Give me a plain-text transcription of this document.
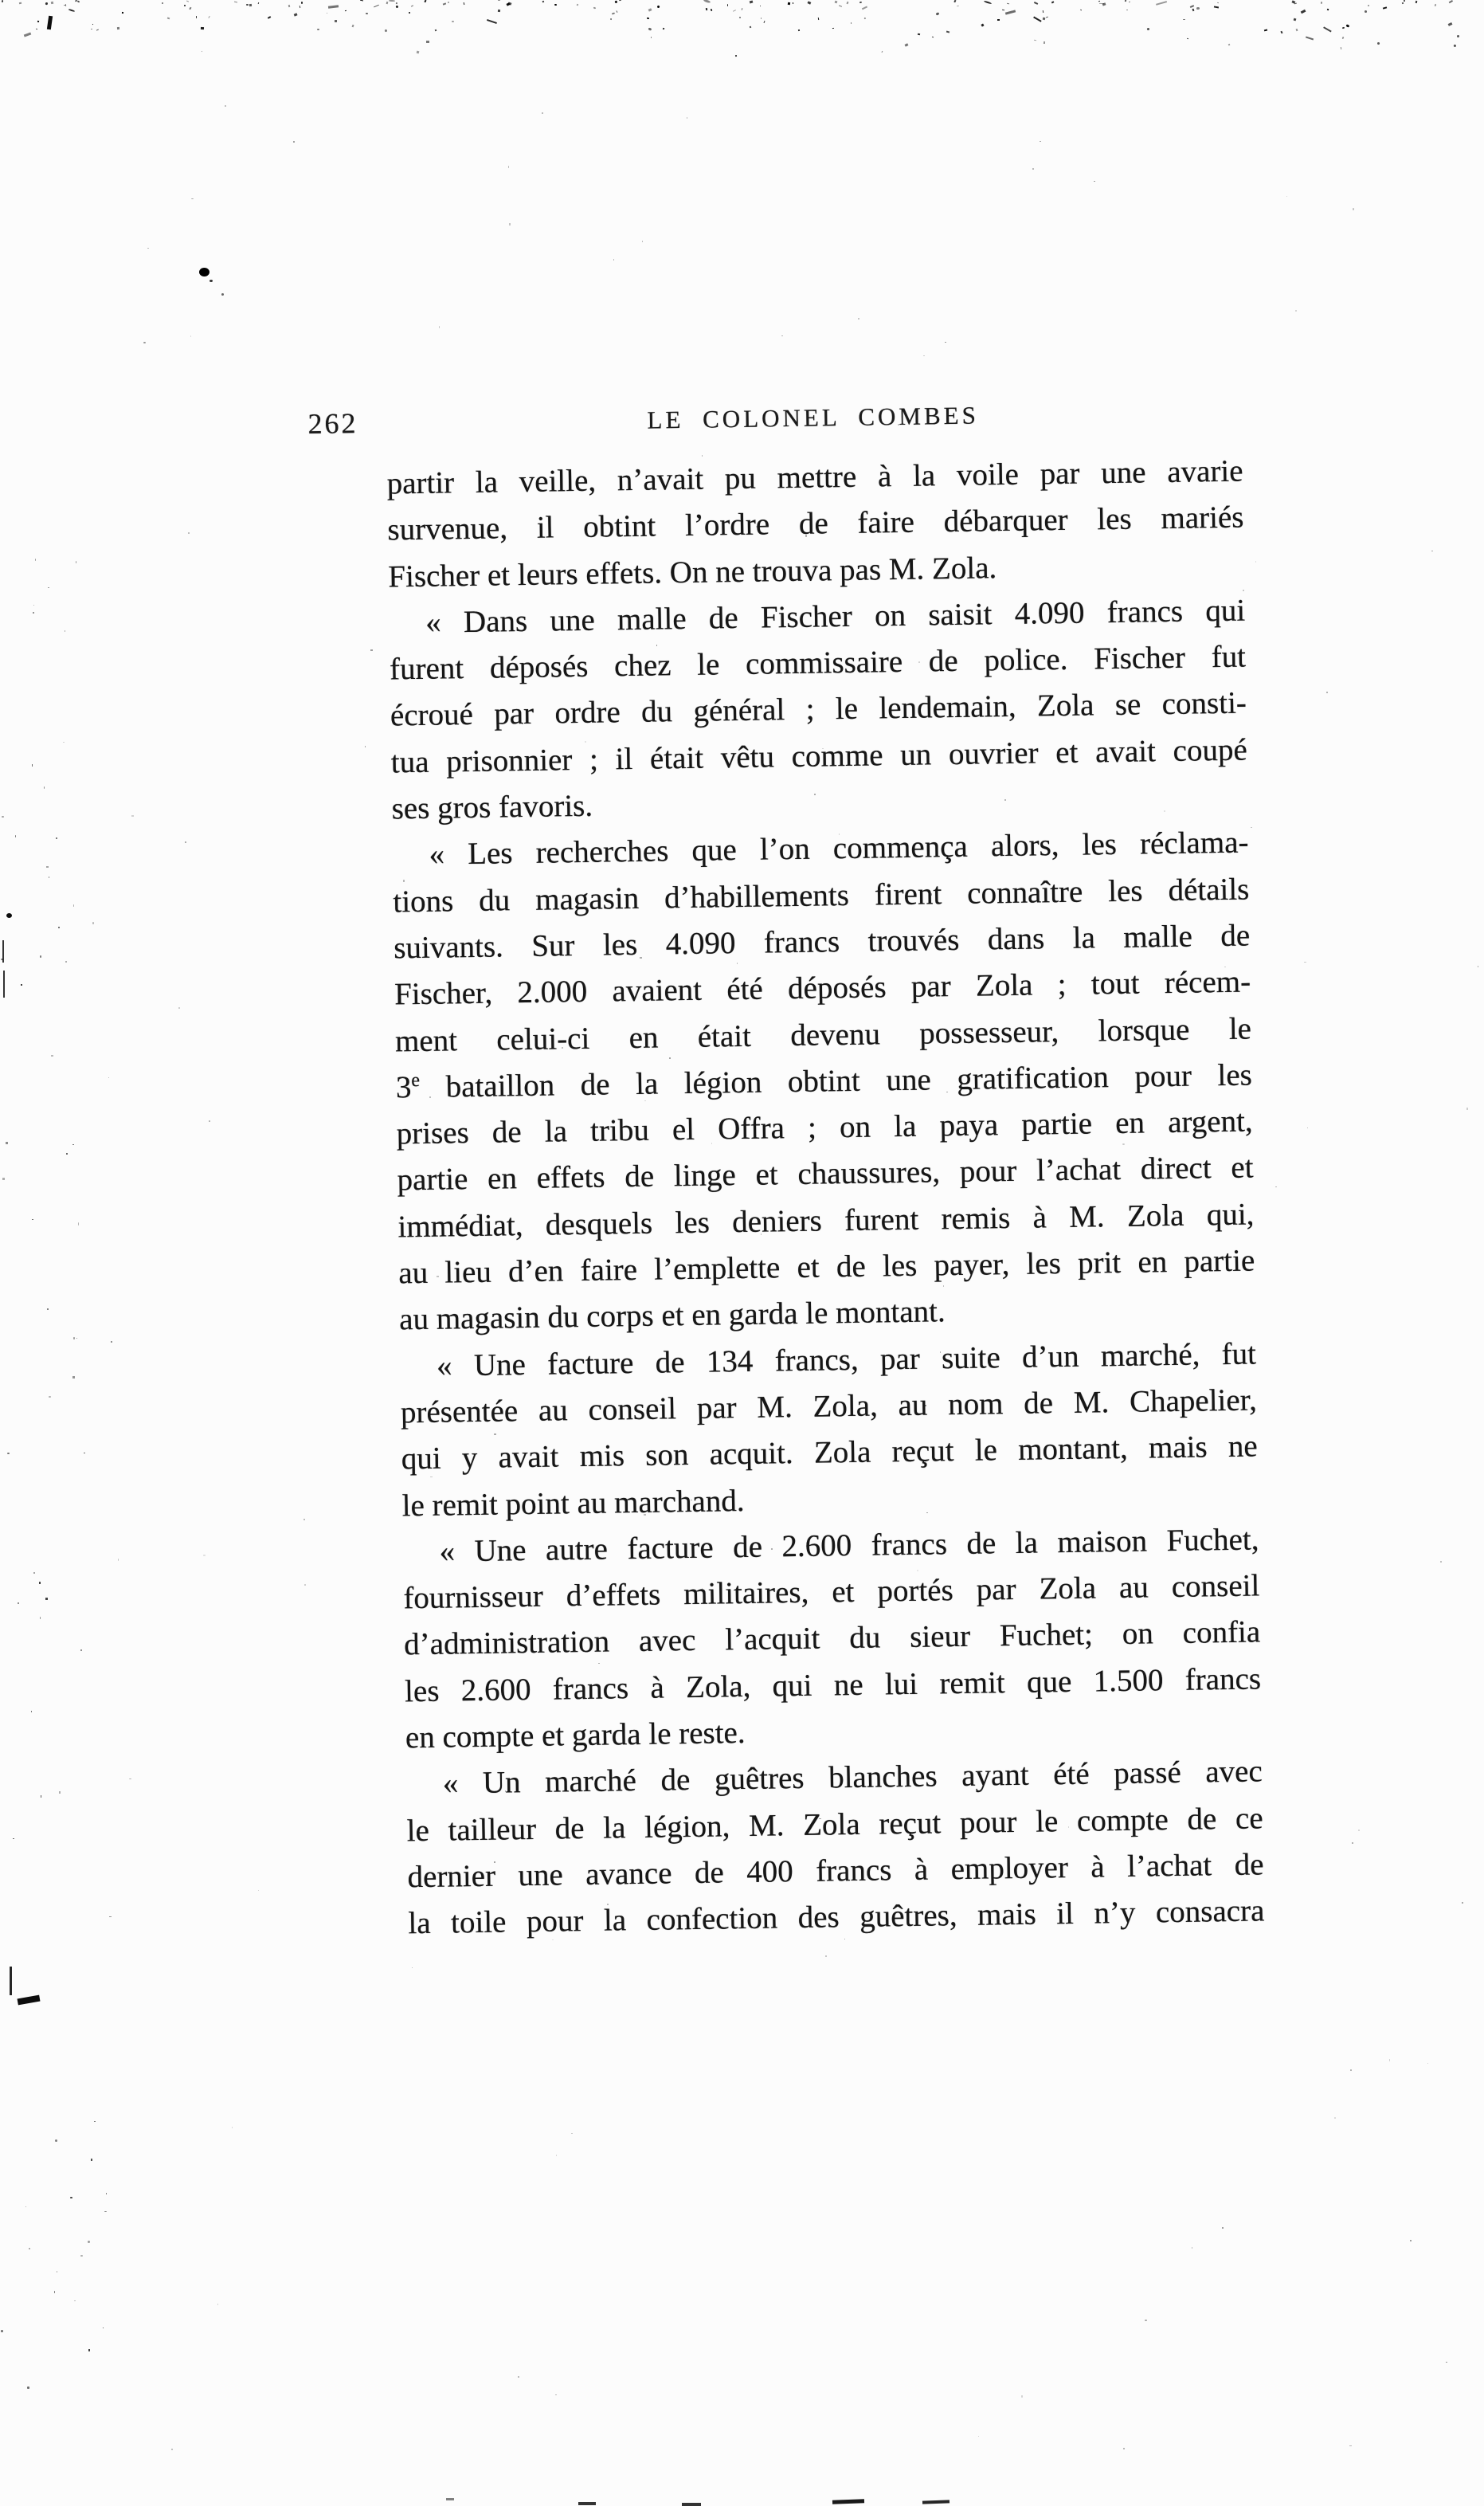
262	LE COLONEL COMBES
partir la veille, n’avait pu mettre à la voile par une avarie
survenue, il obtint l’ordre de faire débarquer les mariés
Fischer et leurs effets. On ne trouva pas M. Zola.
« Dans une malle de Fischer on saisit 4.090 francs qui
furent déposés chez le commissaire de police. Fischer fut
écroué par ordre du général ; le lendemain, Zola se consti-
tua prisonnier ; il était vêtu comme un ouvrier et avait coupé
ses gros favoris.
« Les recherches que l’on commença alors, les réclama-
tions du magasin d’habillements firent connaître les détails
suivants. Sur les 4.090 francs trouvés dans la malle de
Fischer, 2.000 avaient été déposés par Zola ; tout récem-
ment celui-ci en était devenu possesseur, lorsque le
3e bataillon de la légion obtint une gratification pour les
prises de la tribu el Offra ; on la paya partie en argent,
partie en effets de linge et chaussures, pour l’achat direct et
immédiat, desquels les deniers furent remis à M. Zola qui,
au lieu d’en faire l’emplette et de les payer, les prit en partie
au magasin du corps et en garda le montant.
« Une facture de 134 francs, par suite d’un marché, fut
présentée au conseil par M. Zola, au nom de M. Chapelier,
qui y avait mis son acquit. Zola reçut le montant, mais ne
le remit point au marchand.
« Une autre facture de 2.600 francs de la maison Fuchet,
fournisseur d’effets militaires, et portés par Zola au conseil
d’administration avec l’acquit du sieur Fuchet; on confia
les 2.600 francs à Zola, qui ne lui remit que 1.500 francs
en compte et garda le reste.
« Un marché de guêtres blanches ayant été passé avec
le tailleur de la légion, M. Zola reçut pour le compte de ce
dernier une avance de 400 francs à employer à l’achat de
la toile pour la confection des guêtres, mais il n’y consacra
